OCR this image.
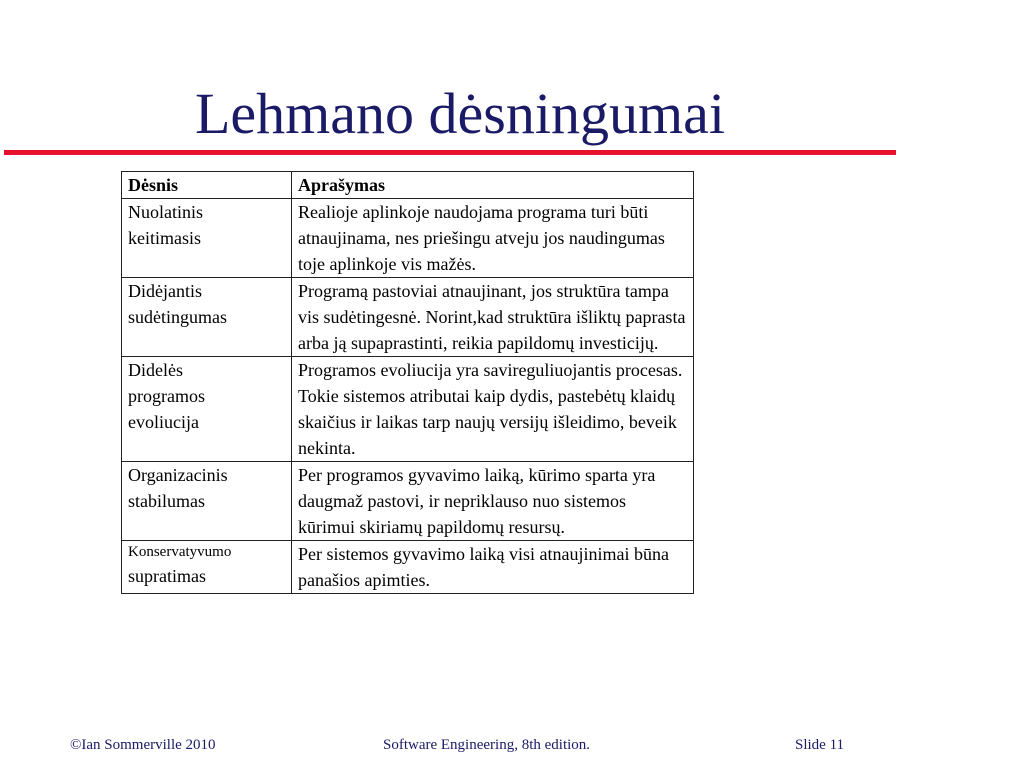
Lehmano dėsningumai
Dėsnis	Aprašymas
Nuolatinis
keitimasis	Realioje aplinkoje naudojama programa turi būti atnaujinama, nes priešingu atveju jos naudingumas toje aplinkoje vis mažės.
Didėjantis
sudėtingumas	Programą pastoviai atnaujinant, jos struktūra tampa vis sudėtingesnė. Norint,kad struktūra išliktų paprasta arba ją supaprastinti, reikia papildomų investicijų.
Didelės
programos
evoliucija	Programos evoliucija yra savireguliuojantis procesas. Tokie sistemos atributai kaip dydis, pastebėtų klaidų skaičius ir laikas tarp naujų versijų išleidimo, beveik nekinta.
Organizacinis
stabilumas	Per programos gyvavimo laiką, kūrimo sparta yra daugmaž pastovi, ir nepriklauso nuo sistemos kūrimui skiriamų papildomų resursų.

Konservatyvumo
supratimas	Per sistemos gyvavimo laiką visi atnaujinimai būna panašios apimties.
©Ian Sommerville 2010	Software Engineering, 8th edition.	Slide 11
